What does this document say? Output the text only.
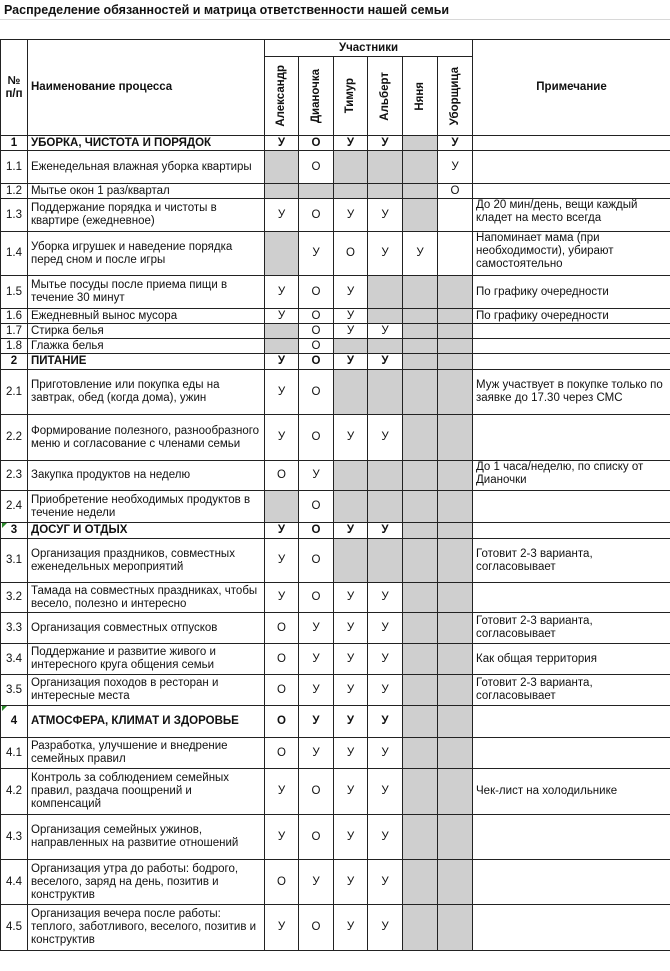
Распределение обязанностей и матрица ответственности нашей семьи
№ п/п	Наименование процесса	Участники						Примечание

		Александр	Дианочка	Тимур	Альберт	Няня	Уборщица	

1	УБОРКА, ЧИСТОТА И ПОРЯДОК	У	О	У	У		У	
1.1	Еженедельная влажная уборка квартиры		О				У	
1.2	Мытье окон 1 раз/квартал						О	
1.3	Поддержание порядка и чистоты в квартире (ежедневное)	У	О	У	У			До 20 мин/день, вещи каждый кладет на место всегда
1.4	Уборка игрушек и наведение порядка перед сном и после игры		У	О	У	У		Напоминает мама (при необходимости), убирают самостоятельно
1.5	Мытье посуды после приема пищи в течение 30 минут	У	О	У				По графику очередности
1.6	Ежедневный вынос мусора	У	О	У				По графику очередности
1.7	Стирка белья		О	У	У			
1.8	Глажка белья		О					
2	ПИТАНИЕ	У	О	У	У			
2.1	Приготовление или покупка еды на завтрак, обед (когда дома), ужин	У	О					Муж участвует в покупке только по заявке до 17.30 через СМС
2.2	Формирование полезного, разнообразного меню и согласование с членами семьи	У	О	У	У			
2.3	Закупка продуктов на неделю	О	У					До 1 часа/неделю, по списку от Дианочки
2.4	Приобретение необходимых продуктов в течение недели		О					
3	ДОСУГ И ОТДЫХ	У	О	У	У			
3.1	Организация праздников, совместных еженедельных мероприятий	У	О					Готовит 2-3 варианта, согласовывает
3.2	Тамада на совместных праздниках, чтобы весело, полезно и интересно	У	О	У	У			
3.3	Организация совместных отпусков	О	У	У	У			Готовит 2-3 варианта, согласовывает
3.4	Поддержание и развитие живого и интересного круга общения семьи	О	У	У	У			Как общая территория
3.5	Организация походов в ресторан и интересные места	О	У	У	У			Готовит 2-3 варианта, согласовывает
4	АТМОСФЕРА, КЛИМАТ И ЗДОРОВЬЕ	О	У	У	У			
4.1	Разработка, улучшение и внедрение семейных правил	О	У	У	У			
4.2	Контроль за соблюдением семейных правил, раздача поощрений и компенсаций	У	О	У	У			Чек-лист на холодильнике
4.3	Организация семейных ужинов, направленных на развитие отношений	У	О	У	У			
4.4	Организация утра до работы: бодрого, веселого, заряд на день, позитив и конструктив	О	У	У	У			
4.5	Организация вечера после работы: теплого, заботливого, веселого, позитив и конструктив	У	О	У	У			
